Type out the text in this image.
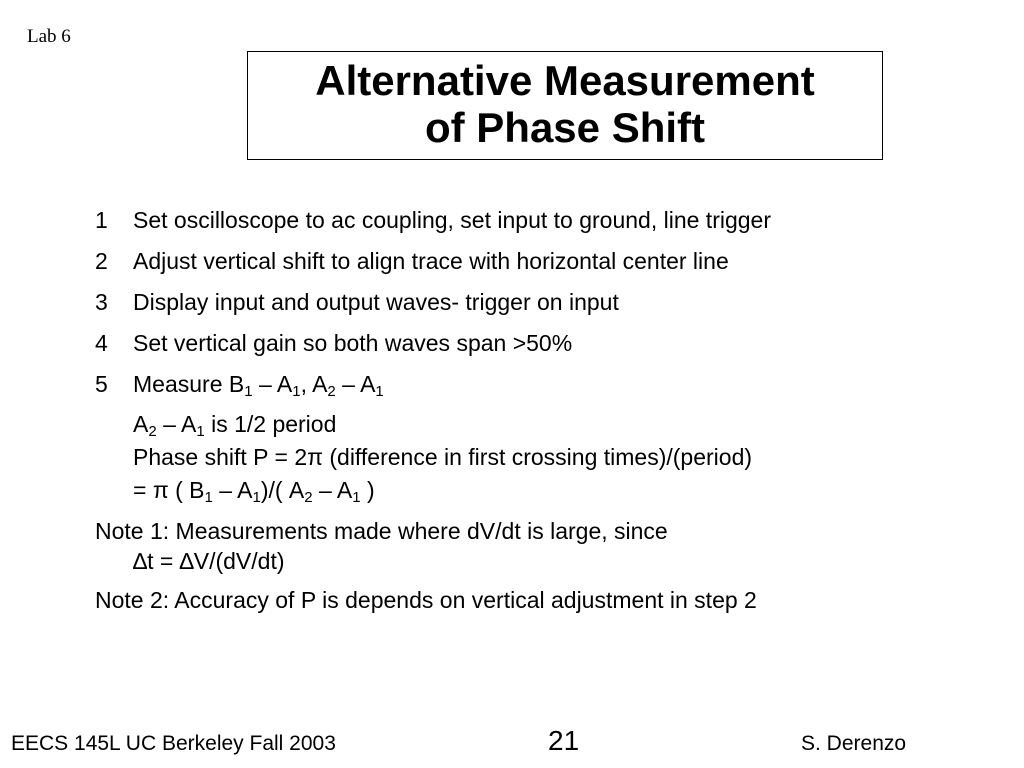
Lab 6
Alternative Measurement
of Phase Shift
1	Set oscilloscope to ac coupling, set input to ground, line trigger
2	Adjust vertical shift to align trace with horizontal center line
3	Display input and output waves- trigger on input
4	Set vertical gain so both waves span >50%
5	Measure $B_1 - A_1$, $A_2 - A_1$
$A_2 - A_1$ is 1/2 period
Phase shift P = 2π (difference in first crossing times)/(period)
= π ( $B_1 - A_1)/$( $A_2 - A_1$ )
Note 1: Measurements made where dV/dt is large, since
∆t = ∆V/(dV/dt)
Note 2: Accuracy of P is depends on vertical adjustment in step 2
EECS 145L UC Berkeley Fall 2003	21	S. Derenzo
